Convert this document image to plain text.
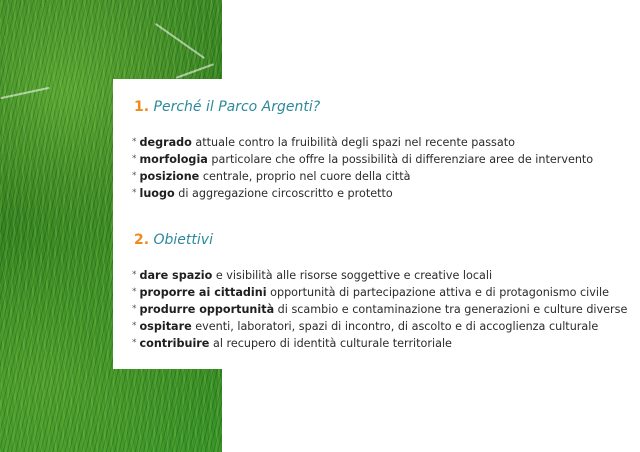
1. Perché il Parco Argenti?
* degrado attuale contro la fruibilità degli spazi nel recente passato
* morfologia particolare che offre la possibilità di differenziare aree de intervento
* posizione centrale, proprio nel cuore della città
* luogo di aggregazione circoscritto e protetto
2. Obiettivi
* dare spazio e visibilità alle risorse soggettive e creative locali
* proporre ai cittadini opportunità di partecipazione attiva e di protagonismo civile
* produrre opportunità di scambio e contaminazione tra generazioni e culture diverse
* ospitare eventi, laboratori, spazi di incontro, di ascolto e di accoglienza culturale
* contribuire al recupero di identità culturale territoriale
